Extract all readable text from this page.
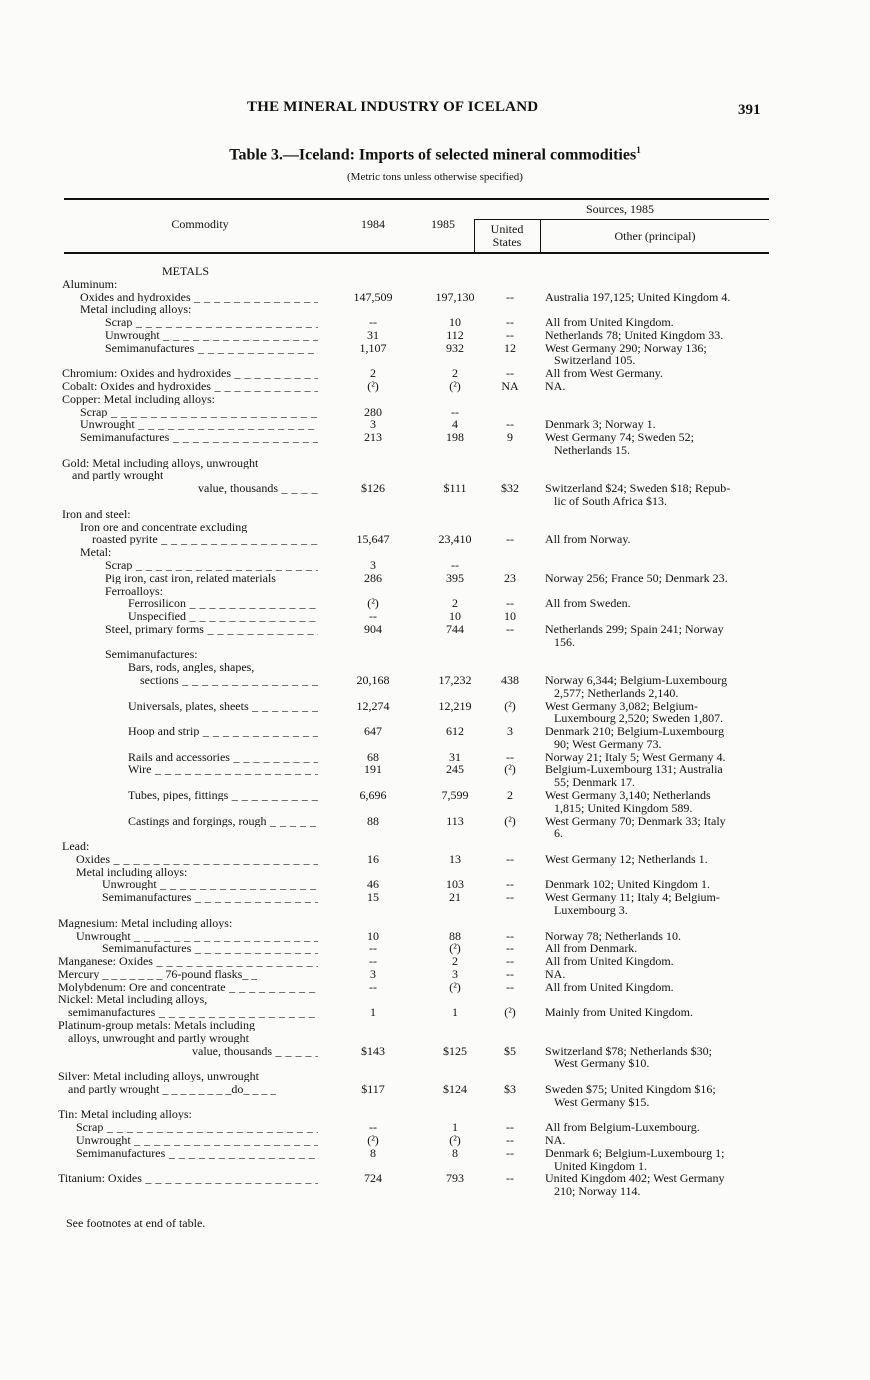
THE MINERAL INDUSTRY OF ICELAND	391
Table 3.—Iceland: Imports of selected mineral commodities$^1$
(Metric tons unless otherwise specified)
Commodity	1984	1985
Sources, 1985
United States	Other (principal)
METALS
Aluminum:
Oxides and hydroxides _ _ _	147,509	197,130	--	Australia 197,125; United Kingdom 4.
Metal including alloys:
Scrap _ _ _	--	10	--	All from United Kingdom.
Unwrought _ _ _	31	112	--	Netherlands 78; United Kingdom 33.
Semimanufactures _ _ _	1,107	932	12	West Germany 290; Norway 136;
Switzerland 105.
Chromium: Oxides and hydroxides _ _ _	2	2	--	All from West Germany.
Cobalt: Oxides and hydroxides _ _ _	(²)	(²)	NA	NA.
Copper: Metal including alloys:
Scrap _ _ _	280	--
Unwrought _ _ _	3	4	--	Denmark 3; Norway 1.
Semimanufactures _ _ _	213	198	9	West Germany 74; Sweden 52;
Netherlands 15.
Gold: Metal including alloys, unwrought
and partly wrought
value, thousands _ _ _	$126	$111	$32	Switzerland $24; Sweden $18; Repub-
lic of South Africa $13.
Iron and steel:
Iron ore and concentrate excluding
roasted pyrite _ _ _	15,647	23,410	--	All from Norway.
Metal:
Scrap _ _ _	3	--
Pig iron, cast iron, related materials	286	395	23	Norway 256; France 50; Denmark 23.
Ferroalloys:
Ferrosilicon _ _ _	(²)	2	--	All from Sweden.
Unspecified _ _ _	--	10	10
Steel, primary forms _ _ _	904	744	--	Netherlands 299; Spain 241; Norway
156.
Semimanufactures:
Bars, rods, angles, shapes,
sections _ _ _	20,168	17,232	438	Norway 6,344; Belgium-Luxembourg
2,577; Netherlands 2,140.
Universals, plates, sheets _ _ _	12,274	12,219	(²)	West Germany 3,082; Belgium-
Luxembourg 2,520; Sweden 1,807.
Hoop and strip _ _ _	647	612	3	Denmark 210; Belgium-Luxembourg
90; West Germany 73.
Rails and accessories _ _ _	68	31	--	Norway 21; Italy 5; West Germany 4.
Wire _ _ _	191	245	(²)	Belgium-Luxembourg 131; Australia
55; Denmark 17.
Tubes, pipes, fittings _ _ _	6,696	7,599	2	West Germany 3,140; Netherlands
1,815; United Kingdom 589.
Castings and forgings, rough _ _ _	88	113	(²)	West Germany 70; Denmark 33; Italy
6.
Lead:
Oxides _ _ _	16	13	--	West Germany 12; Netherlands 1.
Metal including alloys:
Unwrought _ _ _	46	103	--	Denmark 102; United Kingdom 1.
Semimanufactures _ _ _	15	21	--	West Germany 11; Italy 4; Belgium-
Luxembourg 3.
Magnesium: Metal including alloys:
Unwrought _ _ _	10	88	--	Norway 78; Netherlands 10.
Semimanufactures _ _ _	--	(²)	--	All from Denmark.
Manganese: Oxides _ _ _	--	2	--	All from United Kingdom.
Mercury _ _ _ _ _ _ _ 76-pound flasks_ _	3	3	--	NA.
Molybdenum: Ore and concentrate _ _ _	--	(²)	--	All from United Kingdom.
Nickel: Metal including alloys,
semimanufactures _ _ _	1	1	(²)	Mainly from United Kingdom.
Platinum-group metals: Metals including
alloys, unwrought and partly wrought
value, thousands _ _ _	$143	$125	$5	Switzerland $78; Netherlands $30;
West Germany $10.
Silver: Metal including alloys, unwrought
and partly wrought _ _ _ _ _ _ _ _do_ _ _ _	$117	$124	$3	Sweden $75; United Kingdom $16;
West Germany $15.
Tin: Metal including alloys:
Scrap _ _ _	--	1	--	All from Belgium-Luxembourg.
Unwrought _ _ _	(²)	(²)	--	NA.
Semimanufactures _ _ _	8	8	--	Denmark 6; Belgium-Luxembourg 1;
United Kingdom 1.
Titanium: Oxides _ _ _	724	793	--	United Kingdom 402; West Germany
210; Norway 114.
See footnotes at end of table.
